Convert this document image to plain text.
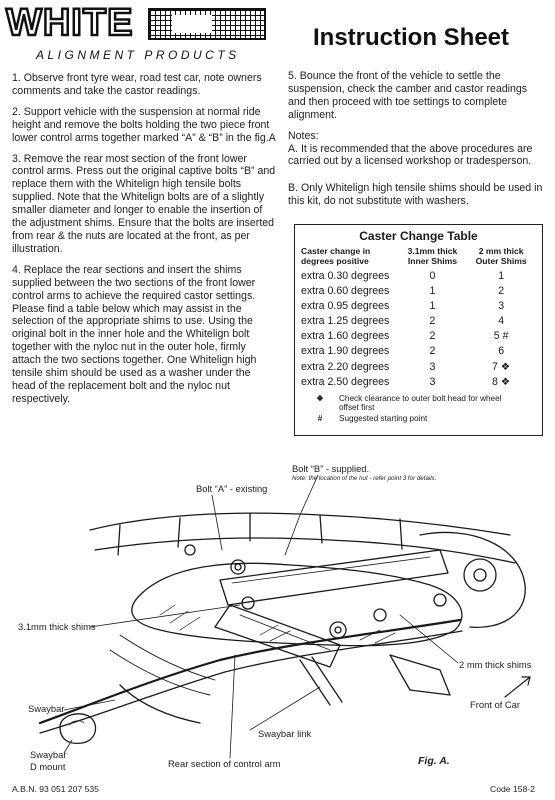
WHITE
ALIGNMENT PRODUCTS
Instruction Sheet

1. Observe front tyre wear, road test car, note owners comments and take the castor readings.

2. Support vehicle with the suspension at normal ride height and remove the bolts holding the two piece front lower control arms together marked “A” & “B” in the fig.A

3. Remove the rear most section of the front lower control arms. Press out the original captive bolts “B” and replace them with the Whitelign high tensile bolts supplied. Note that the Whitelign bolts are of a slightly smaller diameter and longer to enable the insertion of the adjustment shims. Ensure that the bolts are inserted from rear & the nuts are located at the front, as per illustration.

4. Replace the rear sections and insert the shims supplied between the two sections of the front lower control arms to achieve the required castor settings. Please find a table below which may assist in the selection of the appropriate shims to use. Using the original bolt in the inner hole and the Whitelign bolt together with the nyloc nut in the outer hole, firmly attach the two sections together. One Whitelign high tensile shim should be used as a washer under the head of the replacement bolt and the nyloc nut respectively.

5. Bounce the front of the vehicle to settle the suspension, check the camber and castor readings and then proceed with toe settings to complete alignment.

Notes:

A. It is recommended that the above procedures are carried out by a licensed workshop or tradesperson.

B. Only Whitelign high tensile shims should be used in this kit, do not substitute with washers.

Caster Change Table
Caster change in degrees positive
3.1mm thick Inner Shims
2 mm thick Outer Shims
extra 0.30 degrees	0	1
extra 0.60 degrees	1	2
extra 0.95 degrees	1	3
extra 1.25 degrees	2	4
extra 1.60 degrees	2	5 #
extra 1.90 degrees	2	6
extra 2.20 degrees	3	7 ❖
extra 2.50 degrees	3	8 ❖
❖	Check clearance to outer bolt head for wheel offset first
#	Suggested starting point
Bolt “B” - supplied.
Note: the location of the nut - refer point 3 for details.
Bolt “A” - existing
3.1mm thick shims
2 mm thick shims
Front of Car
Swaybar
Swaybar link
Swaybar
D mount	Rear section of control arm	Fig. A.
A.B.N. 93 051 207 535	Code 158-2
